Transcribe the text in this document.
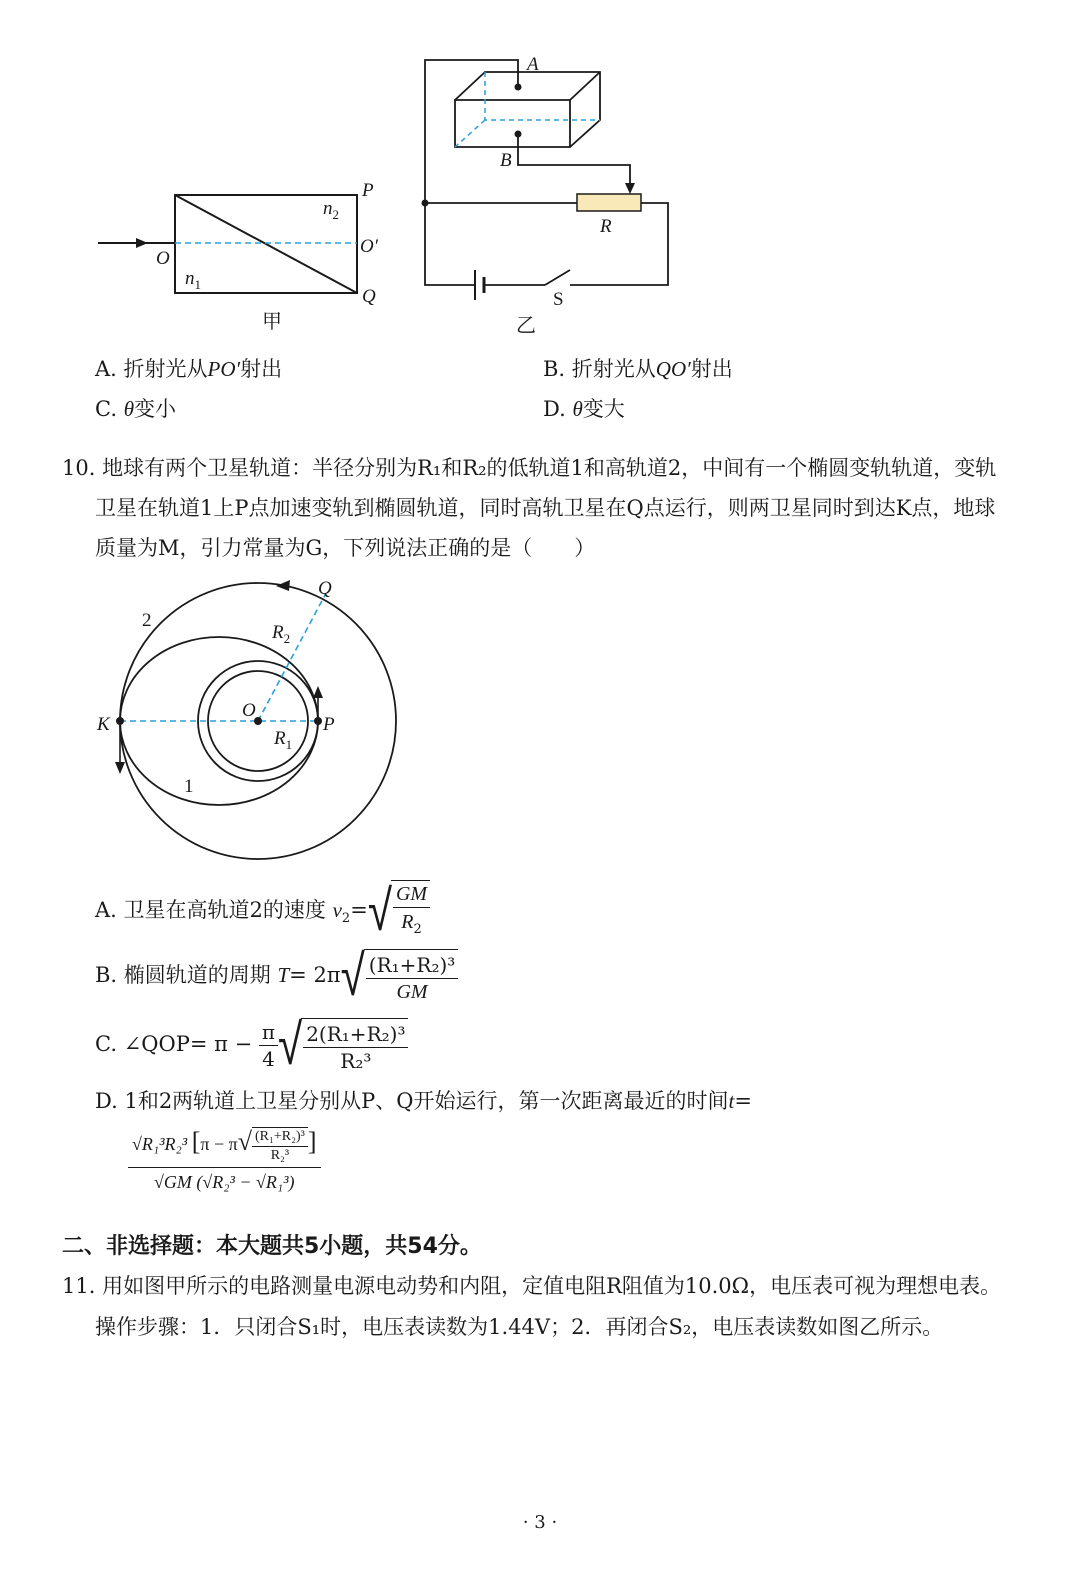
P
$n_2$
O
O′
$n_1$
Q
甲
A
B
R
S
乙
A. 折射光从PO′射出	B. 折射光从QO′射出
C. θ变小	D. θ变大
10. 地球有两个卫星轨道：半径分别为R₁和R₂的低轨道1和高轨道2，中间有一个椭圆变轨轨道，变轨
卫星在轨道1上P点加速变轨到椭圆轨道，同时高轨卫星在Q点运行，则两卫星同时到达K点，地球
质量为M，引力常量为G，下列说法正确的是（　　）
Q
2
$R_2$
O
P
K
$R_1$
1
A. 卫星在高轨道2的速度 $v_2=√ \frac{GM}{R_2}$
B. 椭圆轨道的周期 $T= 2\pi√ \frac{\text{(R₁+R₂)³}}{GM}$
C. ∠QOP= $\pi - \frac{\pi}{4}$ √ $\frac{\text{2(R₁+R₂)³}}{\text{R₂³}}$
D. 1和2两轨道上卫星分别从P、Q开始运行，第一次距离最近的时间t=
√R₁³R₂³ [$\pi - \pi√ \frac{\text{(R₁+R₂)³}}{\text{R₂³}}$ ]
√GM (√R₂³ − √R₁³)
二、非选择题：本大题共5小题，共54分。
11. 用如图甲所示的电路测量电源电动势和内阻，定值电阻R阻值为10.0Ω，电压表可视为理想电表。
操作步骤：1．只闭合S₁时，电压表读数为1.44V；2．再闭合S₂，电压表读数如图乙所示。
· 3 ·
